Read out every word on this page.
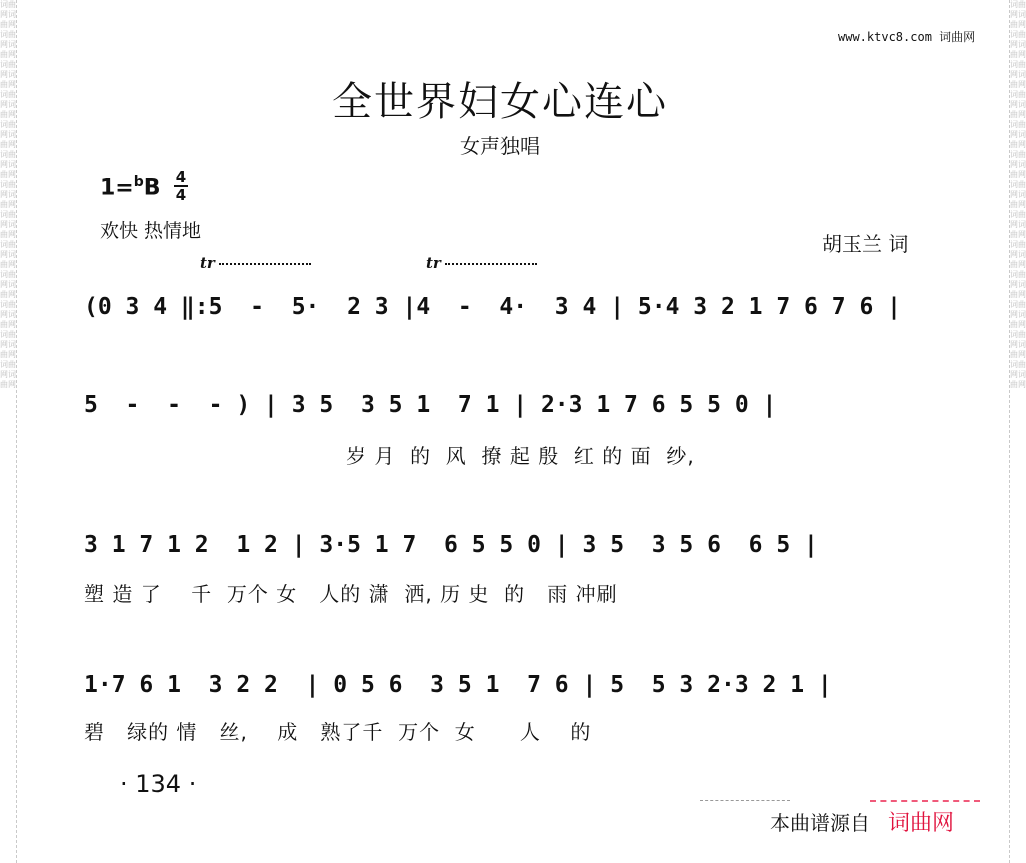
词曲网词曲网词曲网词曲网词曲网词曲网词曲网词曲网词曲网词曲网词曲网词曲网词曲网词曲网词曲网词曲网词曲网词曲网词曲网词曲网词曲网词曲网词曲网词曲网词曲网词曲网
词曲网词曲网词曲网词曲网词曲网词曲网词曲网词曲网词曲网词曲网词曲网词曲网词曲网词曲网词曲网词曲网词曲网词曲网词曲网词曲网词曲网词曲网词曲网词曲网词曲网词曲网
www.ktvc8.com 词曲网
全世界妇女心连心
女声独唱
1=$^b$B 4
4
欢快 热情地
胡玉兰 词
tr	tr
(0 3 4 ‖:5  -  5·  2 3 |4  -  4·  3 4 | 5·4 3 2 1 7 6 7 6 |
5  -  -  - ) | 3 5  3 5 1  7 1 | 2·3 1 7 6 5 5 0 |
岁 月  的  风  撩 起 殷  红 的 面  纱,
3 1 7 1 2  1 2 | 3·5 1 7  6 5 5 0 | 3 5  3 5 6  6 5 |
塑 造 了    千  万个 女   人的 潇  洒, 历 史  的   雨 冲刷
1·7 6 1  3 2 2  | 0 5 6  3 5 1  7 6 | 5  5 3 2·3 2 1 |
碧   绿的 情   丝,    成   熟了千  万个  女      人    的
· 134 ·
本曲谱源自 词曲网
